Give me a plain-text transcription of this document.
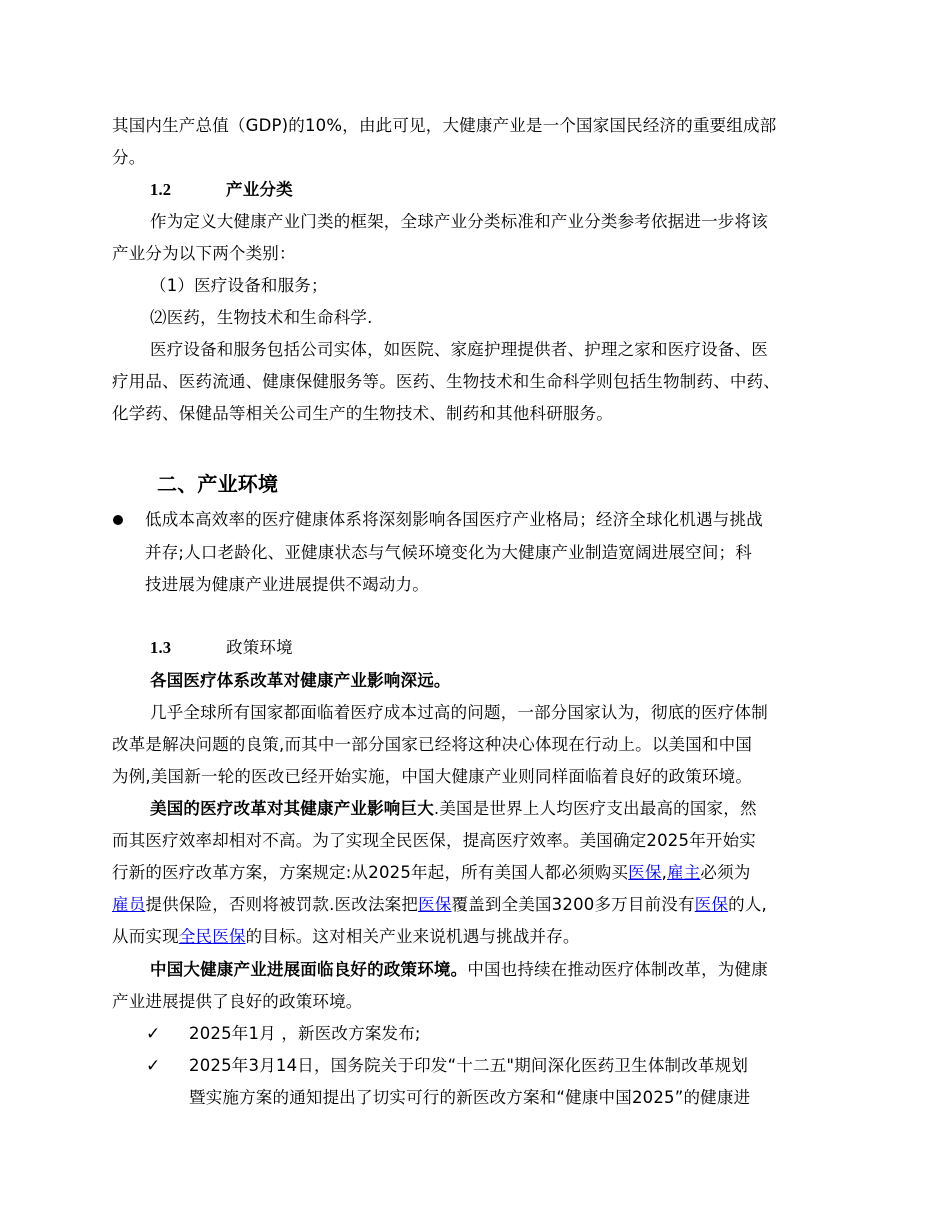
其国内生产总值（GDP)的10%，由此可见，大健康产业是一个国家国民经济的重要组成部
分。
1.2	产业分类
作为定义大健康产业门类的框架，全球产业分类标准和产业分类参考依据进一步将该
产业分为以下两个类别：
（1）医疗设备和服务；
⑵医药，生物技术和生命科学.
医疗设备和服务包括公司实体，如医院、家庭护理提供者、护理之家和医疗设备、医
疗用品、医药流通、健康保健服务等。医药、生物技术和生命科学则包括生物制药、中药、
化学药、保健品等相关公司生产的生物技术、制药和其他科研服务。
二、产业环境
低成本高效率的医疗健康体系将深刻影响各国医疗产业格局；经济全球化机遇与挑战
并存;人口老龄化、亚健康状态与气候环境变化为大健康产业制造宽阔进展空间；科
技进展为健康产业进展提供不竭动力。
1.3	政策环境
各国医疗体系改革对健康产业影响深远。
几乎全球所有国家都面临着医疗成本过高的问题，一部分国家认为，彻底的医疗体制
改革是解决问题的良策,而其中一部分国家已经将这种决心体现在行动上。以美国和中国
为例,美国新一轮的医改已经开始实施，中国大健康产业则同样面临着良好的政策环境。
美国的医疗改革对其健康产业影响巨大.美国是世界上人均医疗支出最高的国家，然
而其医疗效率却相对不高。为了实现全民医保，提高医疗效率。美国确定2025年开始实
行新的医疗改革方案，方案规定:从2025年起，所有美国人都必须购买医保,雇主必须为
雇员提供保险，否则将被罚款.医改法案把医保覆盖到全美国3200多万目前没有医保的人,
从而实现全民医保的目标。这对相关产业来说机遇与挑战并存。
中国大健康产业进展面临良好的政策环境。中国也持续在推动医疗体制改革，为健康
产业进展提供了良好的政策环境。
✓ 2025年1月 ，新医改方案发布;
✓ 2025年3月14日，国务院关于印发“十二五"期间深化医药卫生体制改革规划
暨实施方案的通知提出了切实可行的新医改方案和“健康中国2025”的健康进
